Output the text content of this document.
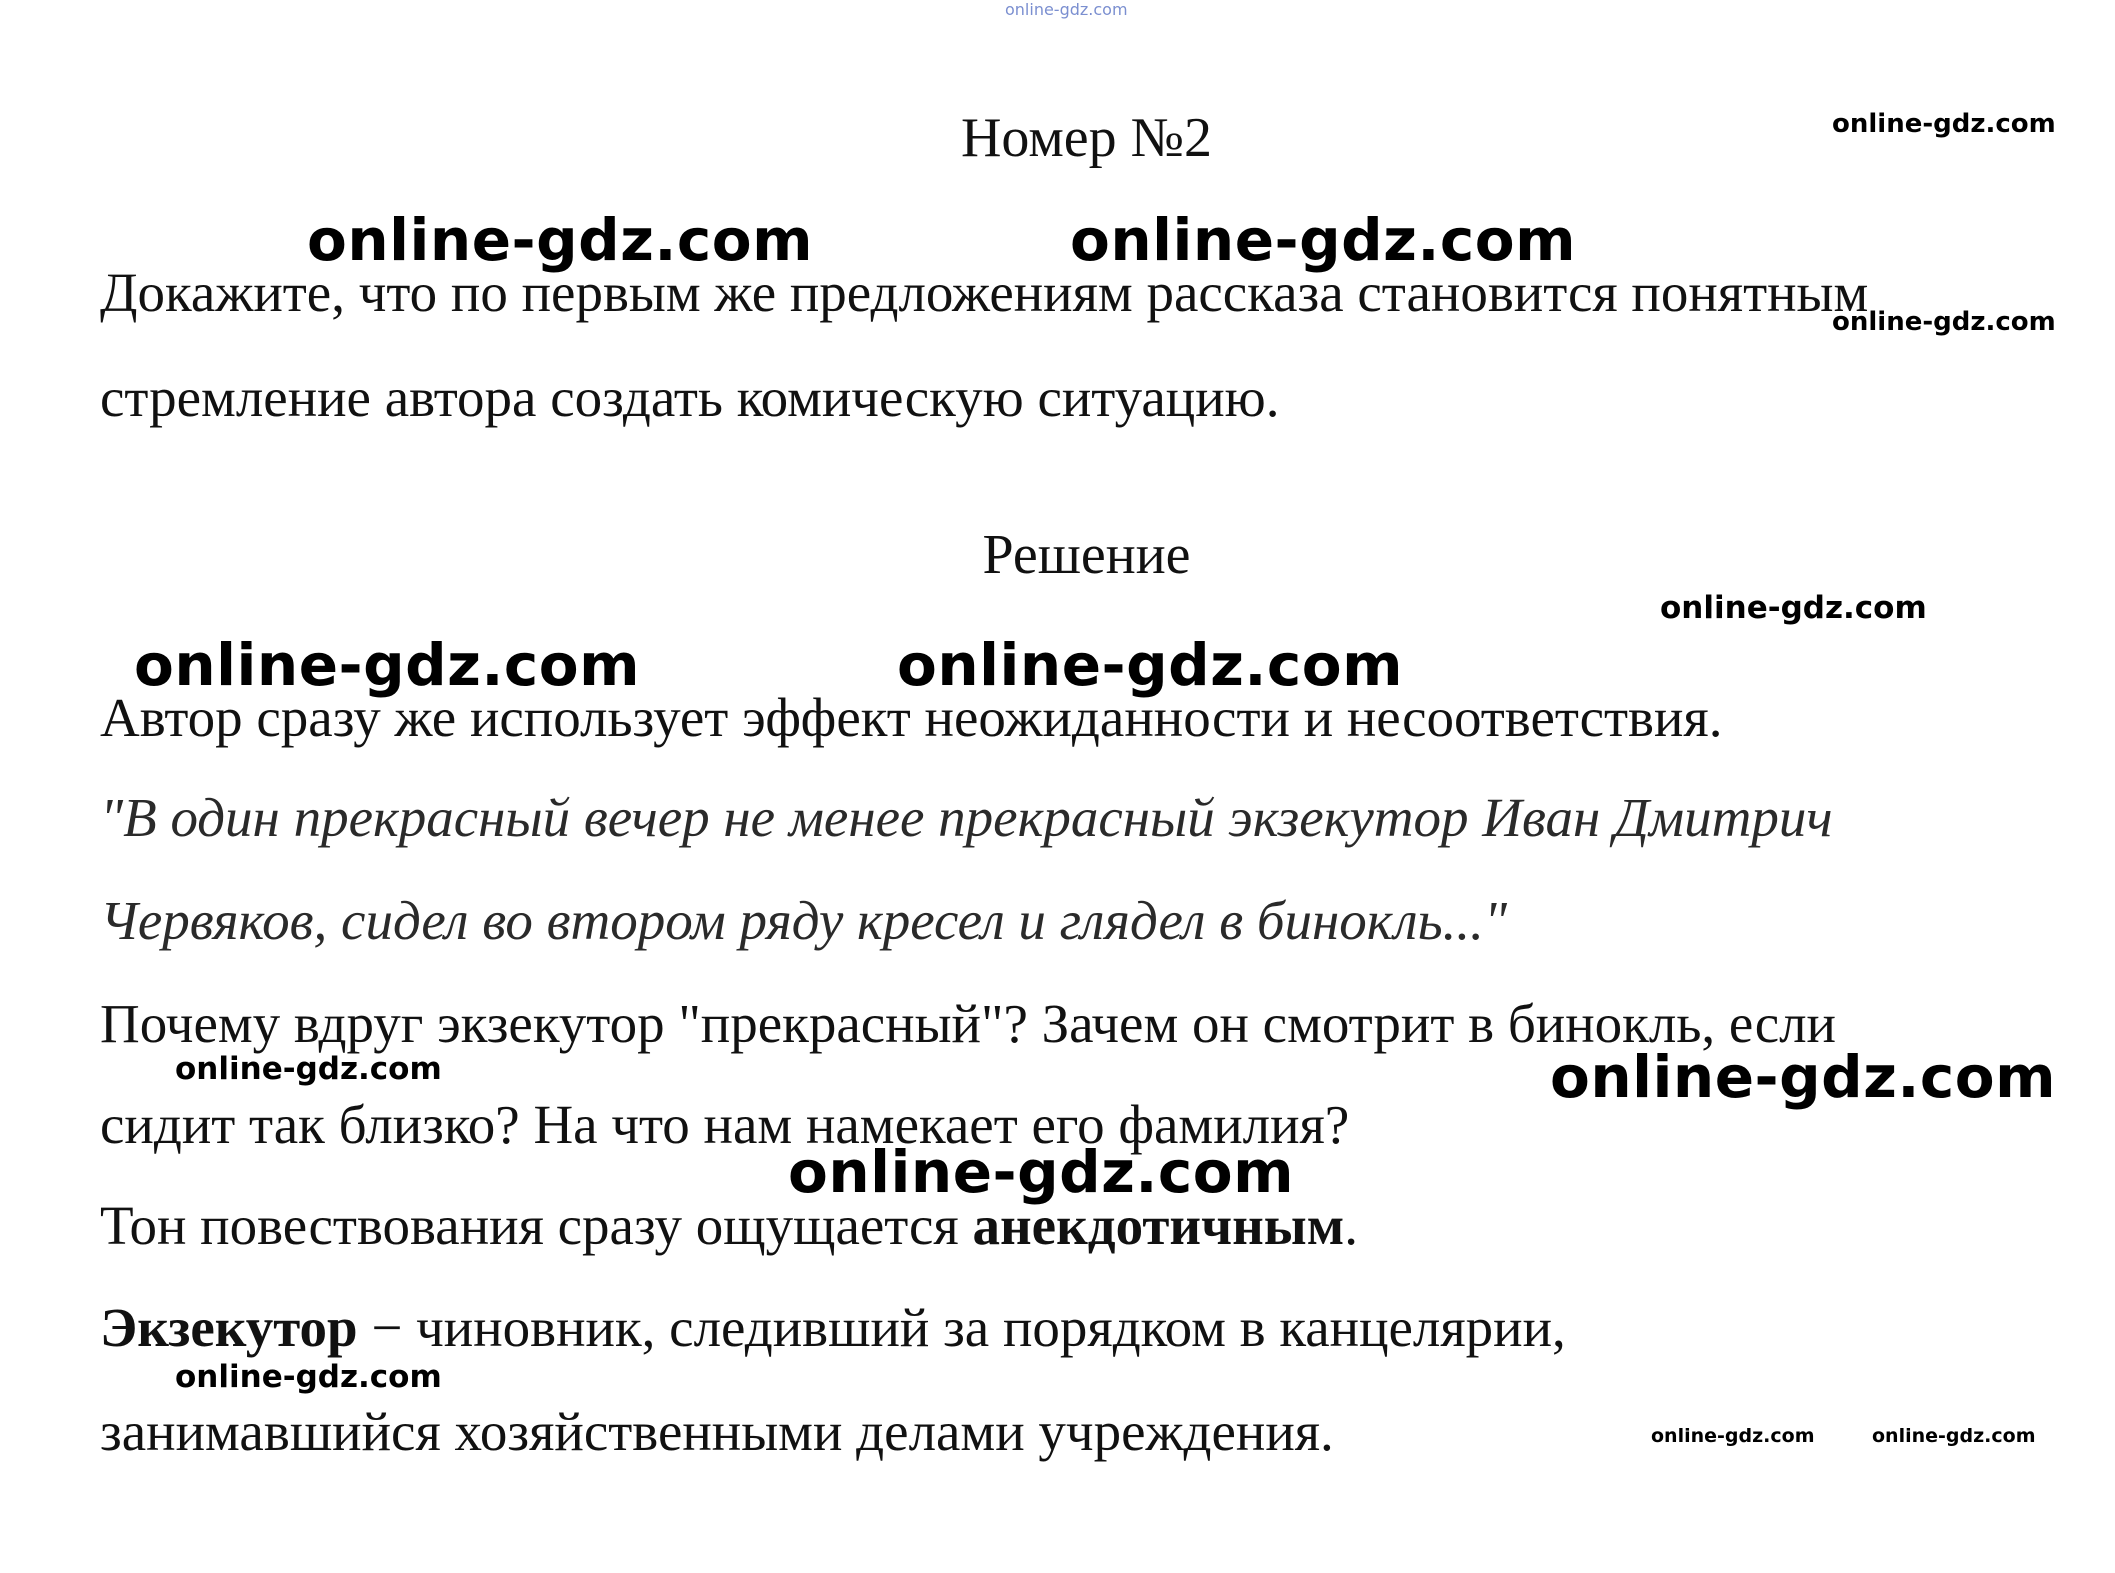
online-gdz.com
Номер №2
Докажите, что по первым же предложениям рассказа становится понятным
стремление автора создать комическую ситуацию.
Решение
Автор сразу же использует эффект неожиданности и несоответствия.
"В один прекрасный вечер не менее прекрасный экзекутор Иван Дмитрич
Червяков, сидел во втором ряду кресел и глядел в бинокль..."
Почему вдруг экзекутор "прекрасный"? Зачем он смотрит в бинокль, если
сидит так близко? На что нам намекает его фамилия?
Тон повествования сразу ощущается анекдотичным.
Экзекутор − чиновник, следивший за порядком в канцелярии,
занимавшийся хозяйственными делами учреждения.
online-gdz.com
online-gdz.com	online-gdz.com
online-gdz.com
online-gdz.com
online-gdz.com	online-gdz.com
online-gdz.com	online-gdz.com
online-gdz.com
online-gdz.com
online-gdz.com	online-gdz.com
